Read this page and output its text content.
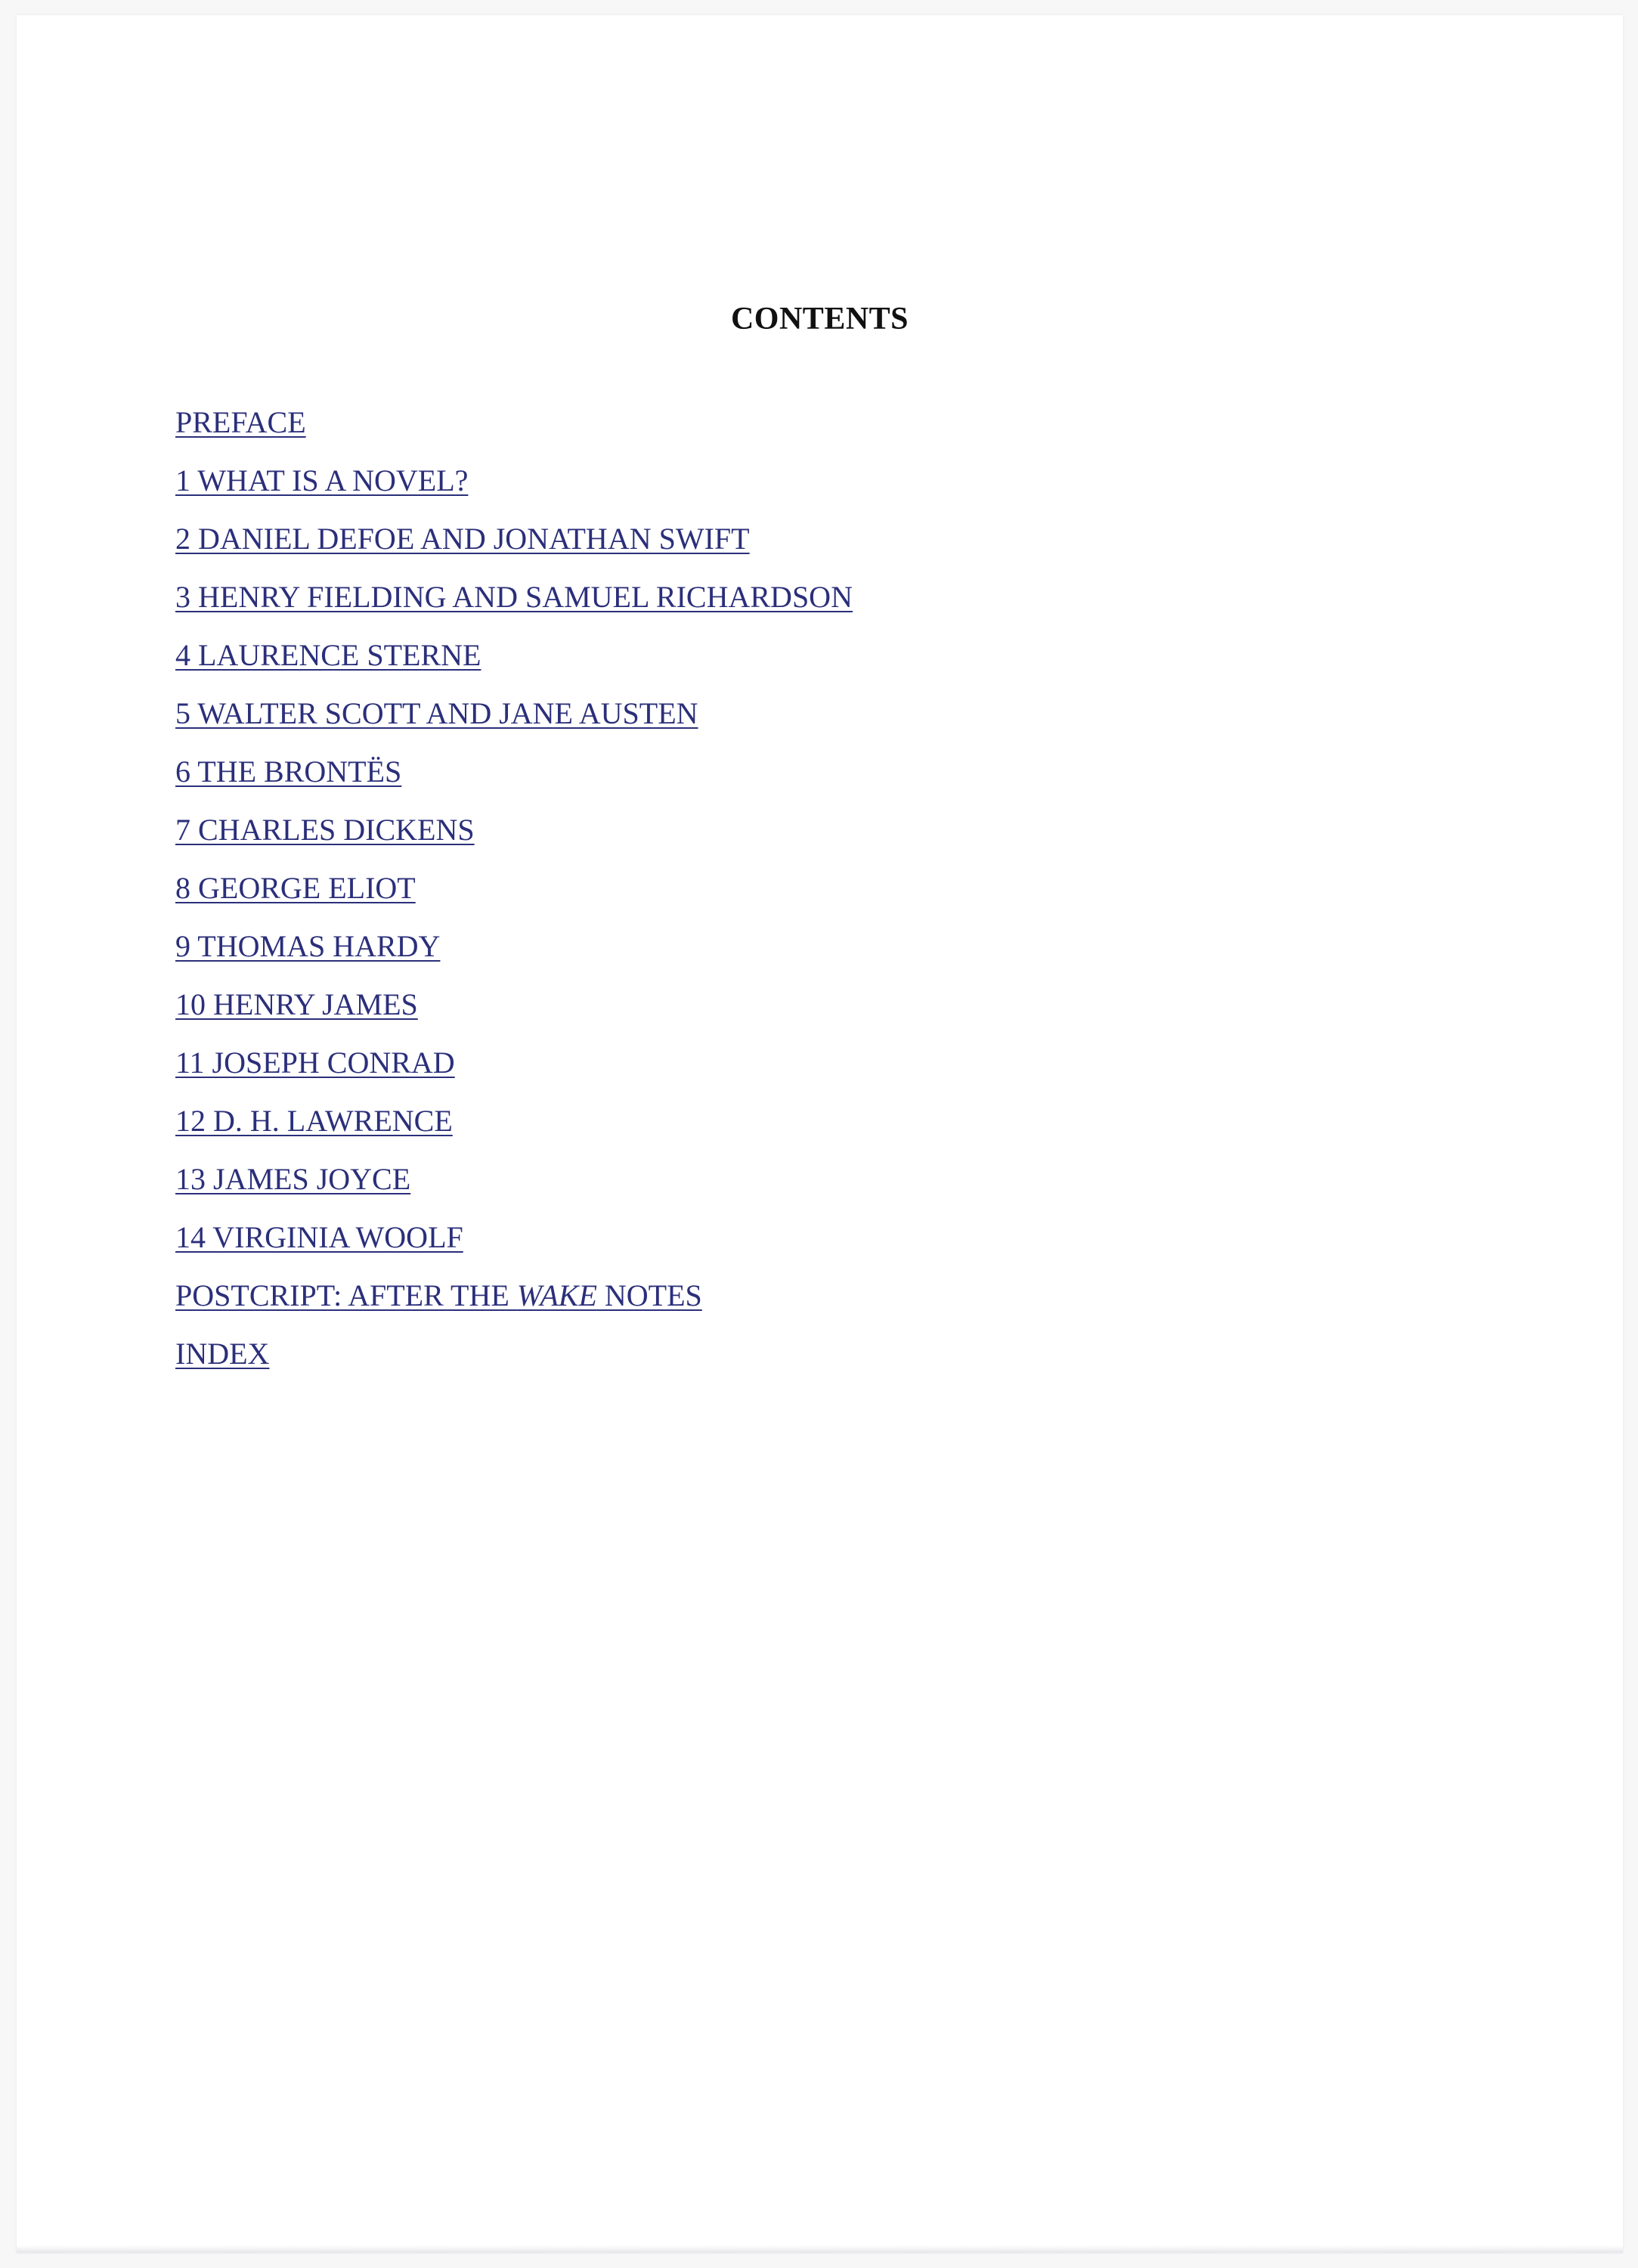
CONTENTS
PREFACE
1 WHAT IS A NOVEL?
2 DANIEL DEFOE AND JONATHAN SWIFT
3 HENRY FIELDING AND SAMUEL RICHARDSON
4 LAURENCE STERNE
5 WALTER SCOTT AND JANE AUSTEN
6 THE BRONTËS
7 CHARLES DICKENS
8 GEORGE ELIOT
9 THOMAS HARDY
10 HENRY JAMES
11 JOSEPH CONRAD
12 D. H. LAWRENCE
13 JAMES JOYCE
14 VIRGINIA WOOLF
POSTCRIPT: AFTER THE WAKE NOTES
INDEX
